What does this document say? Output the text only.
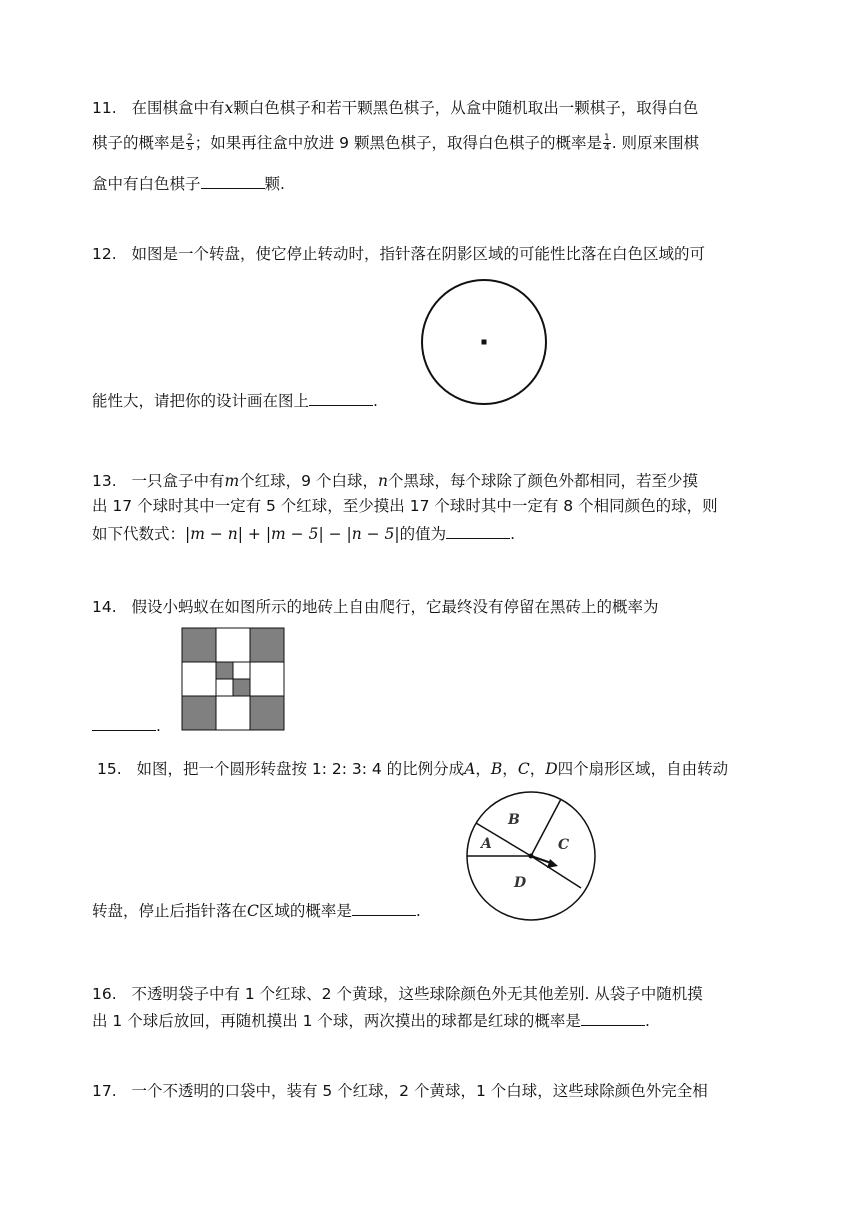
11. 在围棋盒中有x颗白色棋子和若干颗黑色棋子，从盒中随机取出一颗棋子，取得白色
棋子的概率是 $\frac{2}{5}$ ；如果再往盒中放进 9 颗黑色棋子，取得白色棋子的概率是 $\frac{1}{4}$ . 则原来围棋
盒中有白色棋子	颗.
12. 如图是一个转盘，使它停止转动时，指针落在阴影区域的可能性比落在白色区域的可
能性大，请把你的设计画在图上	.
13. 一只盒子中有m个红球，9 个白球，n个黑球，每个球除了颜色外都相同，若至少摸
出 17 个球时其中一定有 5 个红球，至少摸出 17 个球时其中一定有 8 个相同颜色的球，则
如下代数式：|m − n| + |m − 5| − |n − 5|的值为	.
14. 假设小蚂蚁在如图所示的地砖上自由爬行，它最终没有停留在黑砖上的概率为
.
15. 如图，把一个圆形转盘按 1: 2: 3: 4 的比例分成A，B，C，D四个扇形区域，自由转动
B
A	C
D
转盘，停止后指针落在C区域的概率是	.
16. 不透明袋子中有 1 个红球、2 个黄球，这些球除颜色外无其他差别. 从袋子中随机摸
出 1 个球后放回，再随机摸出 1 个球，两次摸出的球都是红球的概率是	.
17. 一个不透明的口袋中，装有 5 个红球，2 个黄球，1 个白球，这些球除颜色外完全相
